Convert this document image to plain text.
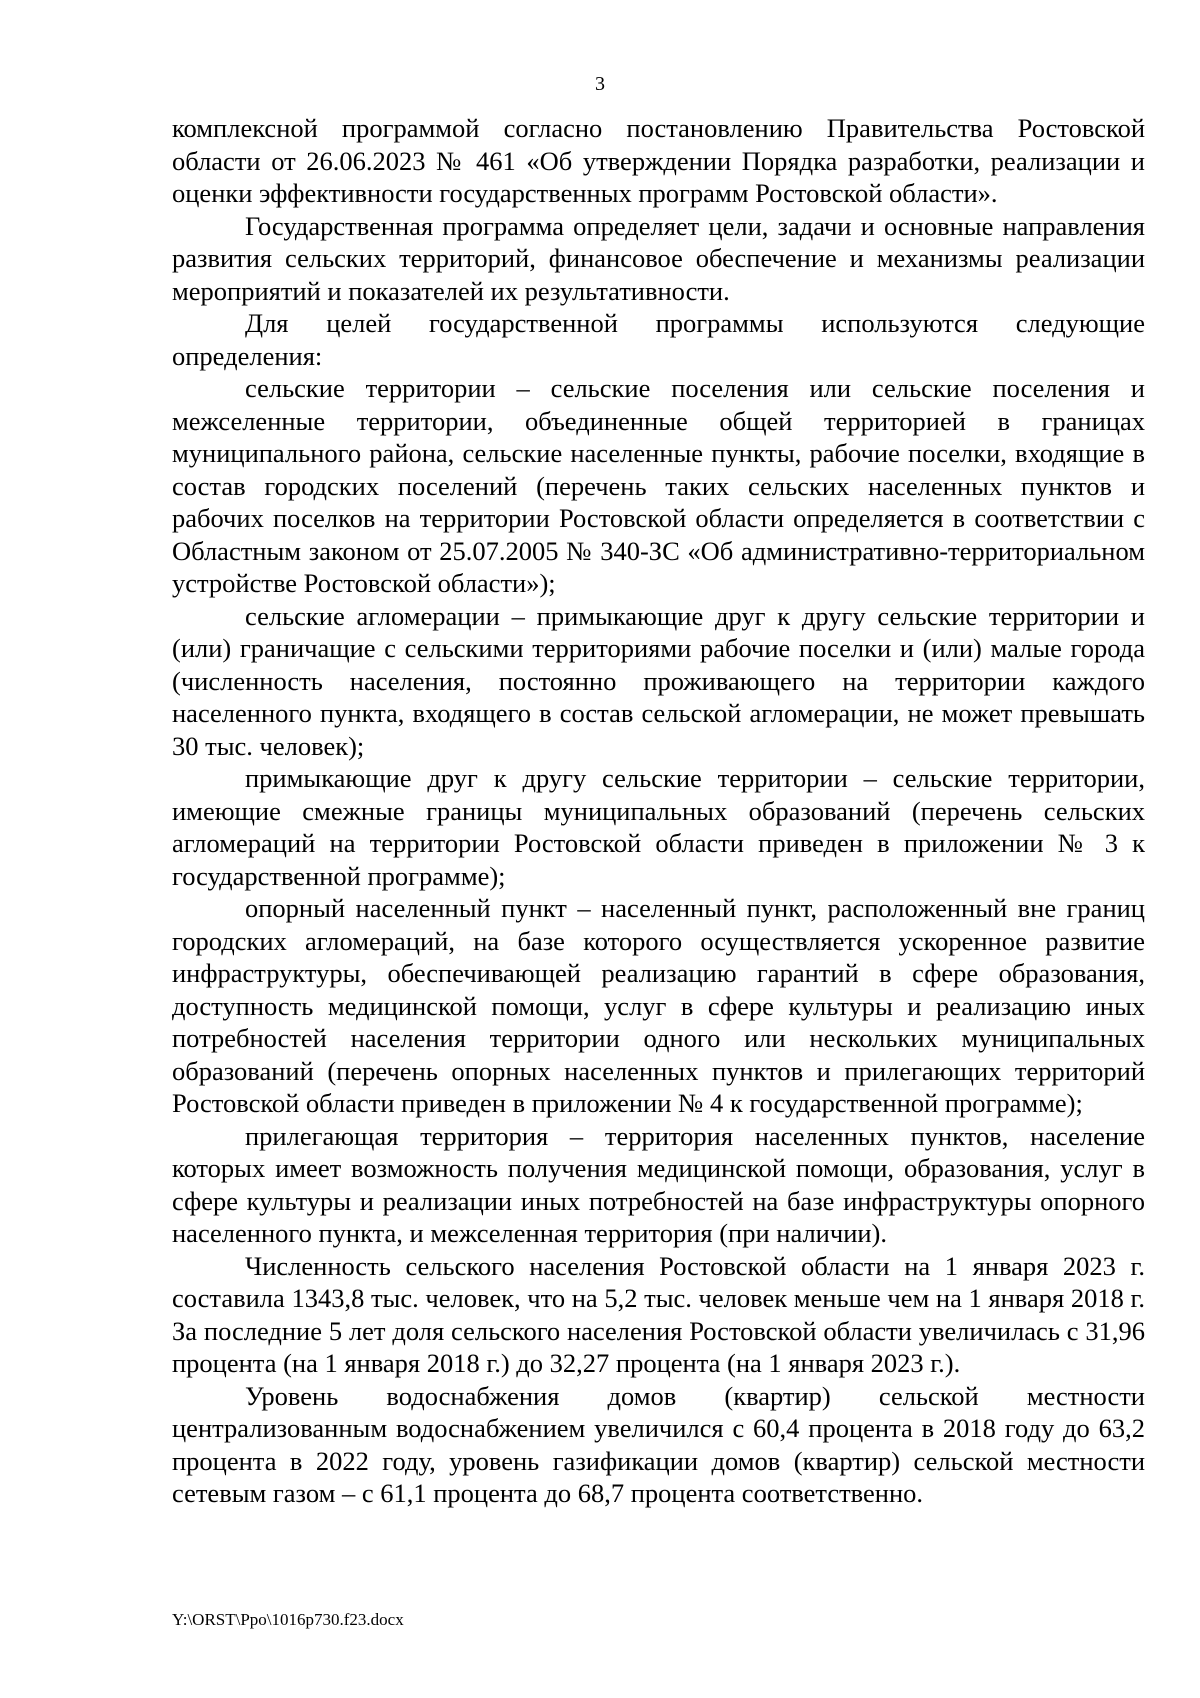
3

комплексной программой согласно постановлению Правительства Ростовской области от 26.06.2023 № 461 «Об утверждении Порядка разработки, реализации и оценки эффективности государственных программ Ростовской области».

Государственная программа определяет цели, задачи и основные направления развития сельских территорий, финансовое обеспечение и механизмы реализации мероприятий и показателей их результативности.

Для целей государственной программы используются следующие определения:

сельские территории – сельские поселения или сельские поселения и межселенные территории, объединенные общей территорией в границах муниципального района, сельские населенные пункты, рабочие поселки, входящие в состав городских поселений (перечень таких сельских населенных пунктов и рабочих поселков на территории Ростовской области определяется в соответствии с Областным законом от 25.07.2005 № 340-ЗС «Об административно-территориальном устройстве Ростовской области»);

сельские агломерации – примыкающие друг к другу сельские территории и (или) граничащие с сельскими территориями рабочие поселки и (или) малые города (численность населения, постоянно проживающего на территории каждого населенного пункта, входящего в состав сельской агломерации, не может превышать 30 тыс. человек);

примыкающие друг к другу сельские территории – сельские территории, имеющие смежные границы муниципальных образований (перечень сельских агломераций на территории Ростовской области приведен в приложении № 3 к государственной программе);

опорный населенный пункт – населенный пункт, расположенный вне границ городских агломераций, на базе которого осуществляется ускоренное развитие инфраструктуры, обеспечивающей реализацию гарантий в сфере образования, доступность медицинской помощи, услуг в сфере культуры и реализацию иных потребностей населения территории одного или нескольких муниципальных образований (перечень опорных населенных пунктов и прилегающих территорий Ростовской области приведен в приложении № 4 к государственной программе);

прилегающая территория – территория населенных пунктов, население которых имеет возможность получения медицинской помощи, образования, услуг в сфере культуры и реализации иных потребностей на базе инфраструктуры опорного населенного пункта, и межселенная территория (при наличии).

Численность сельского населения Ростовской области на 1 января 2023 г. составила 1343,8 тыс. человек, что на 5,2 тыс. человек меньше чем на 1 января 2018 г. За последние 5 лет доля сельского населения Ростовской области увеличилась с 31,96 процента (на 1 января 2018 г.) до 32,27 процента (на 1 января 2023 г.).

Уровень водоснабжения домов (квартир) сельской местности централизованным водоснабжением увеличился с 60,4 процента в 2018 году до 63,2 процента в 2022 году, уровень газификации домов (квартир) сельской местности сетевым газом – с 61,1 процента до 68,7 процента соответственно.

Y:\ORST\Ppo\1016p730.f23.docx
